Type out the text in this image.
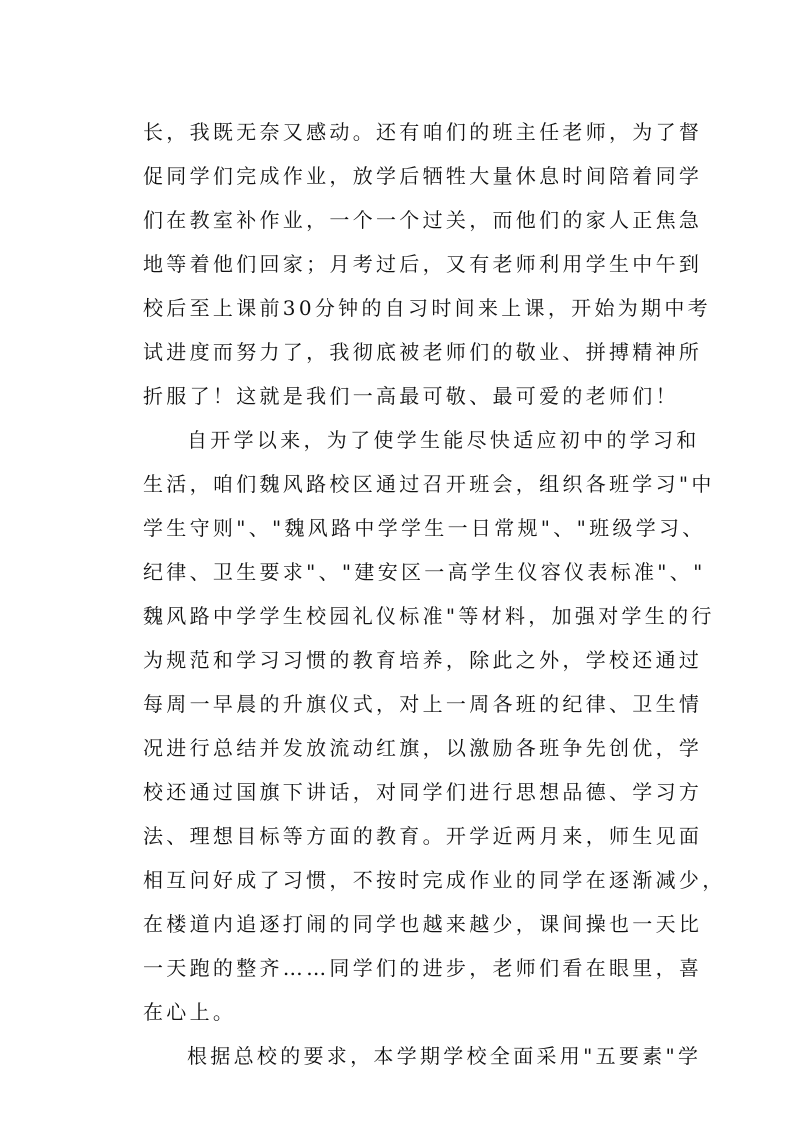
长，我既无奈又感动。还有咱们的班主任老师，为了督
促同学们完成作业，放学后牺牲大量休息时间陪着同学
们在教室补作业，一个一个过关，而他们的家人正焦急
地等着他们回家；月考过后，又有老师利用学生中午到
校后至上课前30分钟的自习时间来上课，开始为期中考
试进度而努力了，我彻底被老师们的敬业、拼搏精神所
折服了！这就是我们一高最可敬、最可爱的老师们！
自开学以来，为了使学生能尽快适应初中的学习和
生活，咱们魏风路校区通过召开班会，组织各班学习"中
学生守则"、"魏风路中学学生一日常规"、"班级学习、
纪律、卫生要求"、"建安区一高学生仪容仪表标准"、"
魏风路中学学生校园礼仪标准"等材料，加强对学生的行
为规范和学习习惯的教育培养，除此之外，学校还通过
每周一早晨的升旗仪式，对上一周各班的纪律、卫生情
况进行总结并发放流动红旗，以激励各班争先创优，学
校还通过国旗下讲话，对同学们进行思想品德、学习方
法、理想目标等方面的教育。开学近两月来，师生见面
相互问好成了习惯，不按时完成作业的同学在逐渐减少，
在楼道内追逐打闹的同学也越来越少，课间操也一天比
一天跑的整齐……同学们的进步，老师们看在眼里，喜
在心上。
根据总校的要求，本学期学校全面采用"五要素"学
